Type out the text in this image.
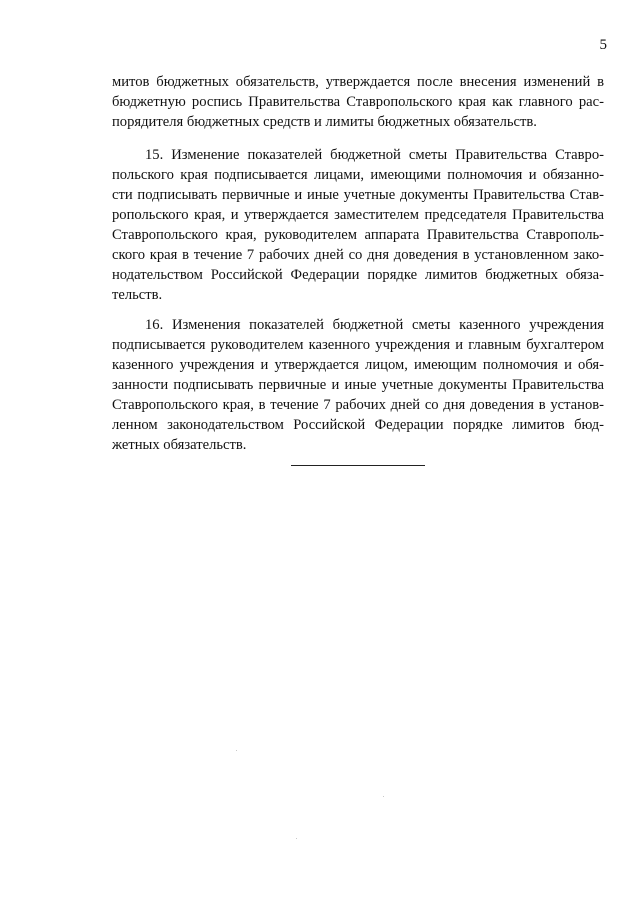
5

митов бюджетных обязательств, утверждается после внесения изменений в

бюджетную роспись Правительства Ставропольского края как главного рас-

порядителя бюджетных средств и лимиты бюджетных обязательств.

15. Изменение показателей бюджетной сметы Правительства Ставро-

польского края подписывается лицами, имеющими полномочия и обязанно-

сти подписывать первичные и иные учетные документы Правительства Став-

ропольского края, и утверждается заместителем председателя Правительства

Ставропольского края, руководителем аппарата Правительства Ставрополь-

ского края в течение 7 рабочих дней со дня доведения в установленном зако-

нодательством Российской Федерации порядке лимитов бюджетных обяза-

тельств.

16. Изменения показателей бюджетной сметы казенного учреждения

подписывается руководителем казенного учреждения и главным бухгалтером

казенного учреждения и утверждается лицом, имеющим полномочия и обя-

занности подписывать первичные и иные учетные документы Правительства

Ставропольского края, в течение 7 рабочих дней со дня доведения в установ-

ленном законодательством Российской Федерации порядке лимитов бюд-

жетных обязательств.
